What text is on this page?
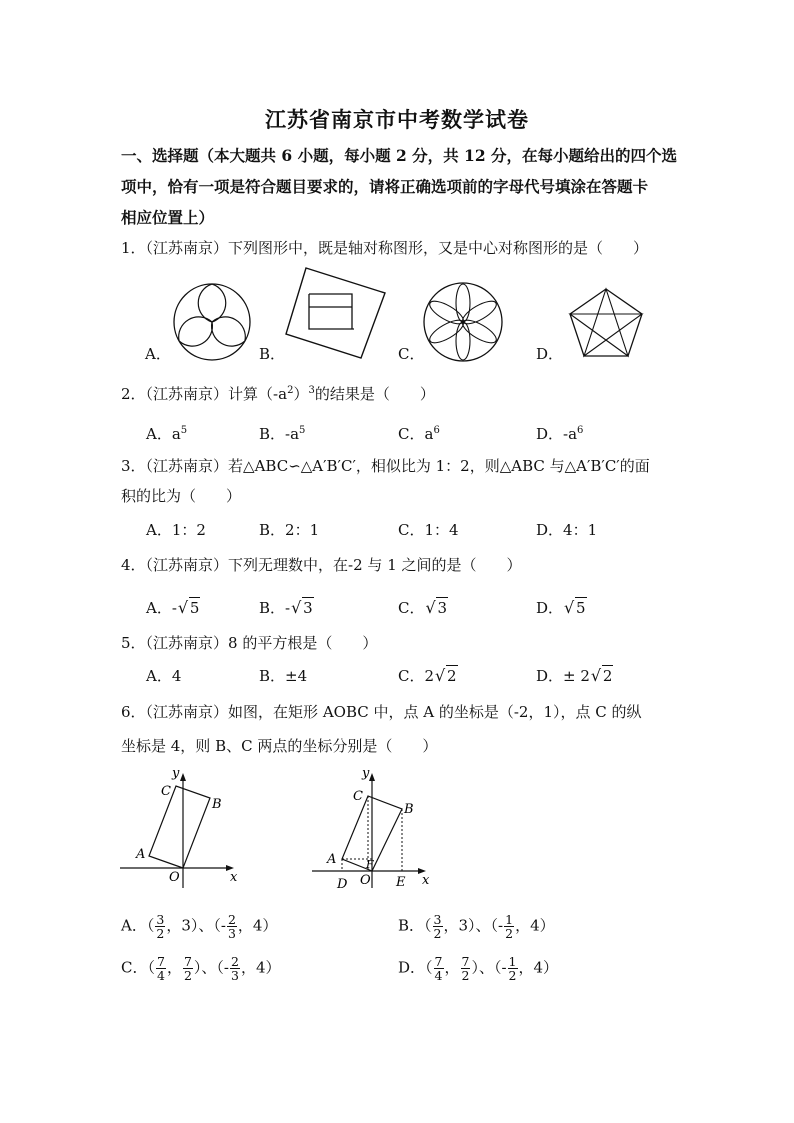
江苏省南京市中考数学试卷
一、选择题（本大题共 6 小题，每小题 2 分，共 12 分，在每小题给出的四个选
项中，恰有一项是符合题目要求的，请将正确选项前的字母代号填涂在答题卡
相应位置上）
1．（江苏南京）下列图形中，既是轴对称图形，又是中心对称图形的是（　　）
A．	B．	C．	D．
2．（江苏南京）计算$(-a^2)^3$的结果是（　　）
A．$a^5$	B．$-a^5$	C．$a^6$	D．$-a^6$
3．（江苏南京）若△ABC∽△A′B′C′，相似比为 1：2，则△ABC 与△A′B′C′的面
积的比为（　　）
A．1：2	B．2：1	C．1：4	D．4：1
4．（江苏南京）下列无理数中，在-2 与 1 之间的是（　　）
A．- √ 5	B．- √ 3	C． √ 3	D． √ 5
5．（江苏南京）8 的平方根是（　　）
A．4	B．±4	C．2 √ 2	D．± 2 √ 2
6．（江苏南京）如图，在矩形 AOBC 中，点 A 的坐标是（-2，1），点 C 的纵
坐标是 4，则 B、C 两点的坐标分别是（　　）
x
y
A
B
C
O	x
y
A
B
C
O
D	E
F
A．（ $\frac{3}{2}$ ，3）、（- $\frac{2}{3}$ ，4）	B．（ $\frac{3}{2}$ ，3）、（- $\frac{1}{2}$ ，4）
C．（ $\frac{7}{4}$ ， $\frac{7}{2}$ ）、（- $\frac{2}{3}$ ，4）	D．（ $\frac{7}{4}$ ， $\frac{7}{2}$ ）、（- $\frac{1}{2}$ ，4）
